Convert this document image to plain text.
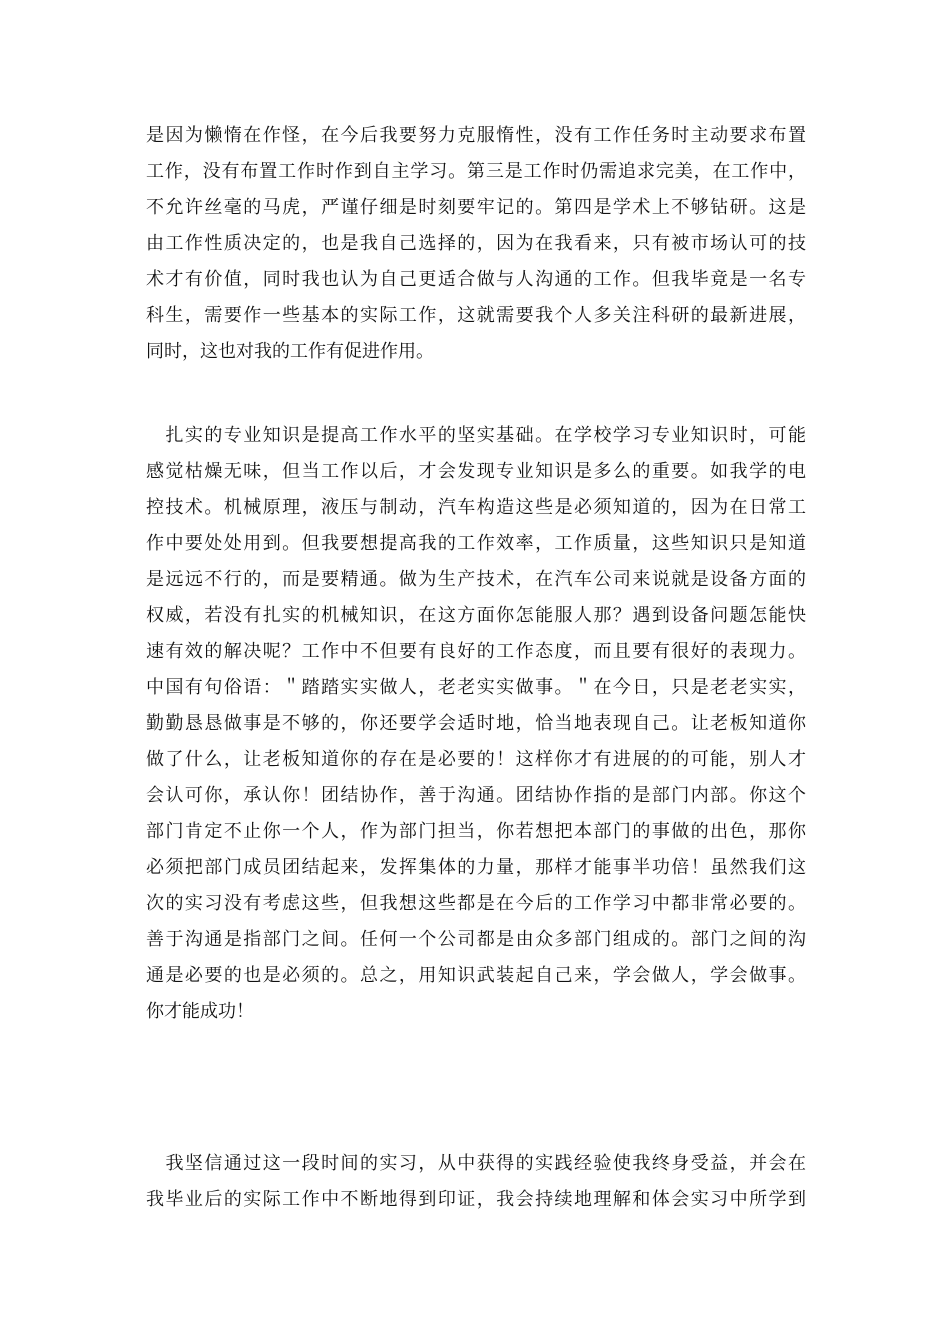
是因为懒惰在作怪，在今后我要努力克服惰性，没有工作任务时主动要求布置
工作，没有布置工作时作到自主学习。第三是工作时仍需追求完美，在工作中，
不允许丝毫的马虎，严谨仔细是时刻要牢记的。第四是学术上不够钻研。这是
由工作性质决定的，也是我自己选择的，因为在我看来，只有被市场认可的技
术才有价值，同时我也认为自己更适合做与人沟通的工作。但我毕竟是一名专
科生，需要作一些基本的实际工作，这就需要我个人多关注科研的最新进展，
同时，这也对我的工作有促进作用。
　扎实的专业知识是提高工作水平的坚实基础。在学校学习专业知识时，可能
感觉枯燥无味，但当工作以后，才会发现专业知识是多么的重要。如我学的电
控技术。机械原理，液压与制动，汽车构造这些是必须知道的，因为在日常工
作中要处处用到。但我要想提高我的工作效率，工作质量，这些知识只是知道
是远远不行的，而是要精通。做为生产技术，在汽车公司来说就是设备方面的
权威，若没有扎实的机械知识，在这方面你怎能服人那？遇到设备问题怎能快
速有效的解决呢？工作中不但要有良好的工作态度，而且要有很好的表现力。
中国有句俗语：＂踏踏实实做人，老老实实做事。＂在今日，只是老老实实，
勤勤恳恳做事是不够的，你还要学会适时地，恰当地表现自己。让老板知道你
做了什么，让老板知道你的存在是必要的！这样你才有进展的的可能，别人才
会认可你，承认你！团结协作，善于沟通。团结协作指的是部门内部。你这个
部门肯定不止你一个人，作为部门担当，你若想把本部门的事做的出色，那你
必须把部门成员团结起来，发挥集体的力量，那样才能事半功倍！虽然我们这
次的实习没有考虑这些，但我想这些都是在今后的工作学习中都非常必要的。
善于沟通是指部门之间。任何一个公司都是由众多部门组成的。部门之间的沟
通是必要的也是必须的。总之，用知识武装起自己来，学会做人，学会做事。
你才能成功！
　我坚信通过这一段时间的实习，从中获得的实践经验使我终身受益，并会在
我毕业后的实际工作中不断地得到印证，我会持续地理解和体会实习中所学到
